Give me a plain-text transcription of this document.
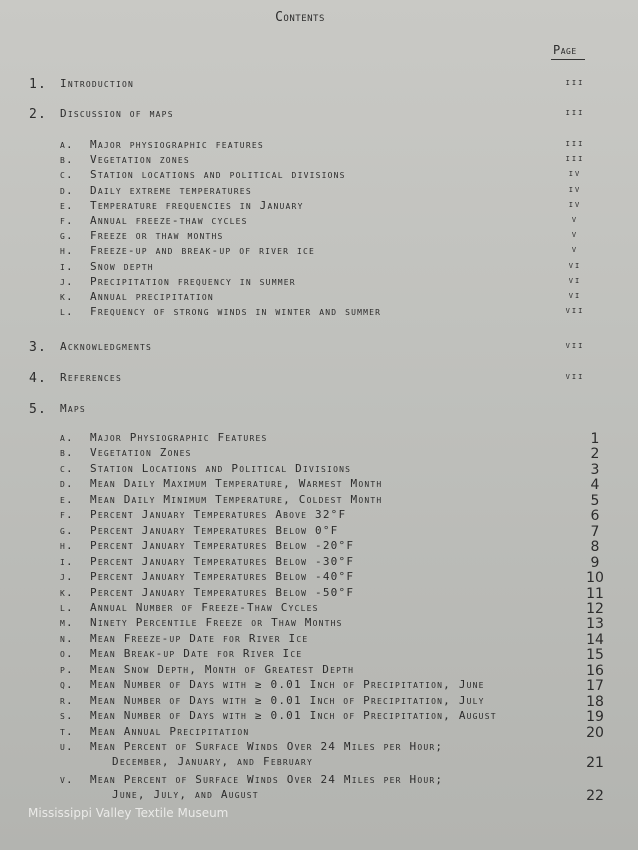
Contents
Page
1. Introduction	iii
2. Discussion of maps	iii
a. Major physiographic features	iii
b. Vegetation zones	iii
c. Station locations and political divisions	iv
d. Daily extreme temperatures	iv
e. Temperature frequencies in January	iv
f. Annual freeze-thaw cycles	v
g. Freeze or thaw months	v
h. Freeze-up and break-up of river ice	v
i. Snow depth	vi
j. Precipitation frequency in summer	vi
k. Annual precipitation	vi
l. Frequency of strong winds in winter and summer	vii
3. Acknowledgments	vii
4. References	vii
5. Maps
a. Major Physiographic Features	1
b. Vegetation Zones	2
c. Station Locations and Political Divisions	3
d. Mean Daily Maximum Temperature, Warmest Month	4
e. Mean Daily Minimum Temperature, Coldest Month	5
f. Percent January Temperatures Above 32°F	6
g. Percent January Temperatures Below 0°F	7
h. Percent January Temperatures Below -20°F	8
i. Percent January Temperatures Below -30°F	9
j. Percent January Temperatures Below -40°F	10
k. Percent January Temperatures Below -50°F	11
l. Annual Number of Freeze-Thaw Cycles	12
m. Ninety Percentile Freeze or Thaw Months	13
n. Mean Freeze-up Date for River Ice	14
o. Mean Break-up Date for River Ice	15
p. Mean Snow Depth, Month of Greatest Depth	16
q. Mean Number of Days with ≥ 0.01 Inch of Precipitation, June	17
r. Mean Number of Days with ≥ 0.01 Inch of Precipitation, July	18
s. Mean Number of Days with ≥ 0.01 Inch of Precipitation, August	19
t. Mean Annual Precipitation	20
u. Mean Percent of Surface Winds Over 24 Miles per Hour;
December, January, and February	21
v. Mean Percent of Surface Winds Over 24 Miles per Hour;
June, July, and August	22
Mississippi Valley Textile Museum
